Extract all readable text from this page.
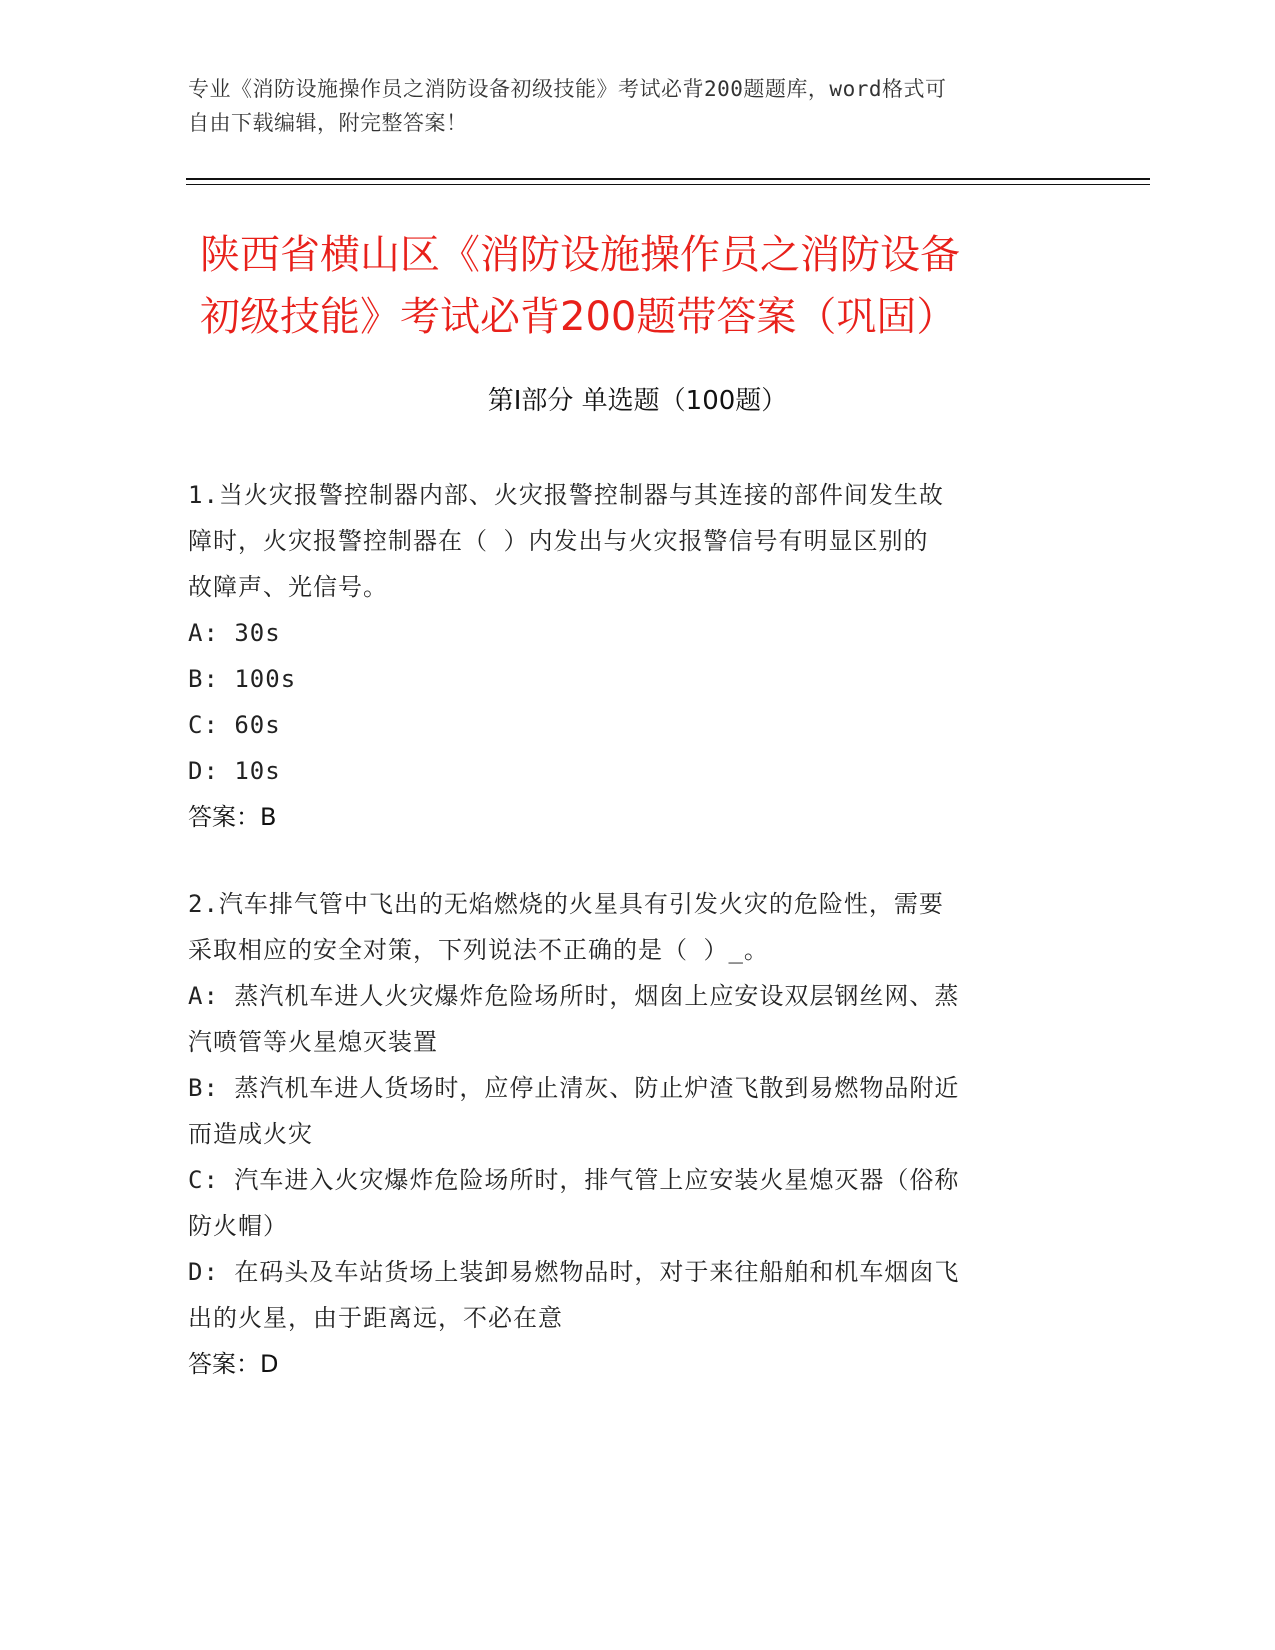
专业《消防设施操作员之消防设备初级技能》考试必背200题题库，word格式可
自由下载编辑，附完整答案！
陕西省横山区《消防设施操作员之消防设备
初级技能》考试必背200题带答案（巩固）
第I部分 单选题（100题）
1.当火灾报警控制器内部、火灾报警控制器与其连接的部件间发生故
障时，火灾报警控制器在（ ）内发出与火灾报警信号有明显区别的
故障声、光信号。
A: 30s
B: 100s
C: 60s
D: 10s
答案：B
2.汽车排气管中飞出的无焰燃烧的火星具有引发火灾的危险性，需要
采取相应的安全对策，下列说法不正确的是（ ）_。
A: 蒸汽机车进人火灾爆炸危险场所时，烟囱上应安设双层钢丝网、蒸
汽喷管等火星熄灭装置
B: 蒸汽机车进人货场时，应停止清灰、防止炉渣飞散到易燃物品附近
而造成火灾
C: 汽车进入火灾爆炸危险场所时，排气管上应安装火星熄灭器（俗称
防火帽）
D: 在码头及车站货场上装卸易燃物品时，对于来往船舶和机车烟囱飞
出的火星，由于距离远，不必在意
答案：D
